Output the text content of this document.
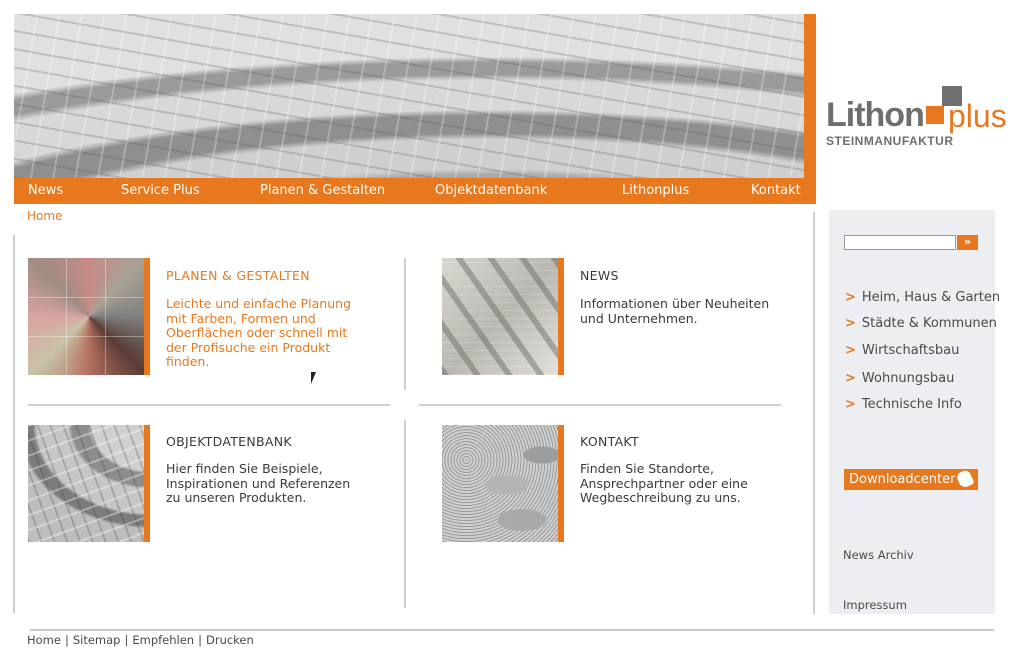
Lithon plus
STEINMANUFAKTUR
News	Service Plus	Planen & Gestalten	Objektdatenbank	Lithonplus	Kontakt
Home
PLANEN & GESTALTEN
Leichte und einfache Planung mit Farben, Formen und Oberflächen oder schnell mit der Profisuche ein Produkt finden.
NEWS
Informationen über Neuheiten und Unternehmen.
OBJEKTDATENBANK
Hier finden Sie Beispiele, Inspirationen und Referenzen zu unseren Produkten.
KONTAKT
Finden Sie Standorte, Ansprechpartner oder eine Wegbeschreibung zu uns.
»
> Heim, Haus & Garten
> Städte & Kommunen
> Wirtschaftsbau
> Wohnungsbau
> Technische Info
Downloadcenter
News Archiv
Impressum
Home | Sitemap | Empfehlen | Drucken
